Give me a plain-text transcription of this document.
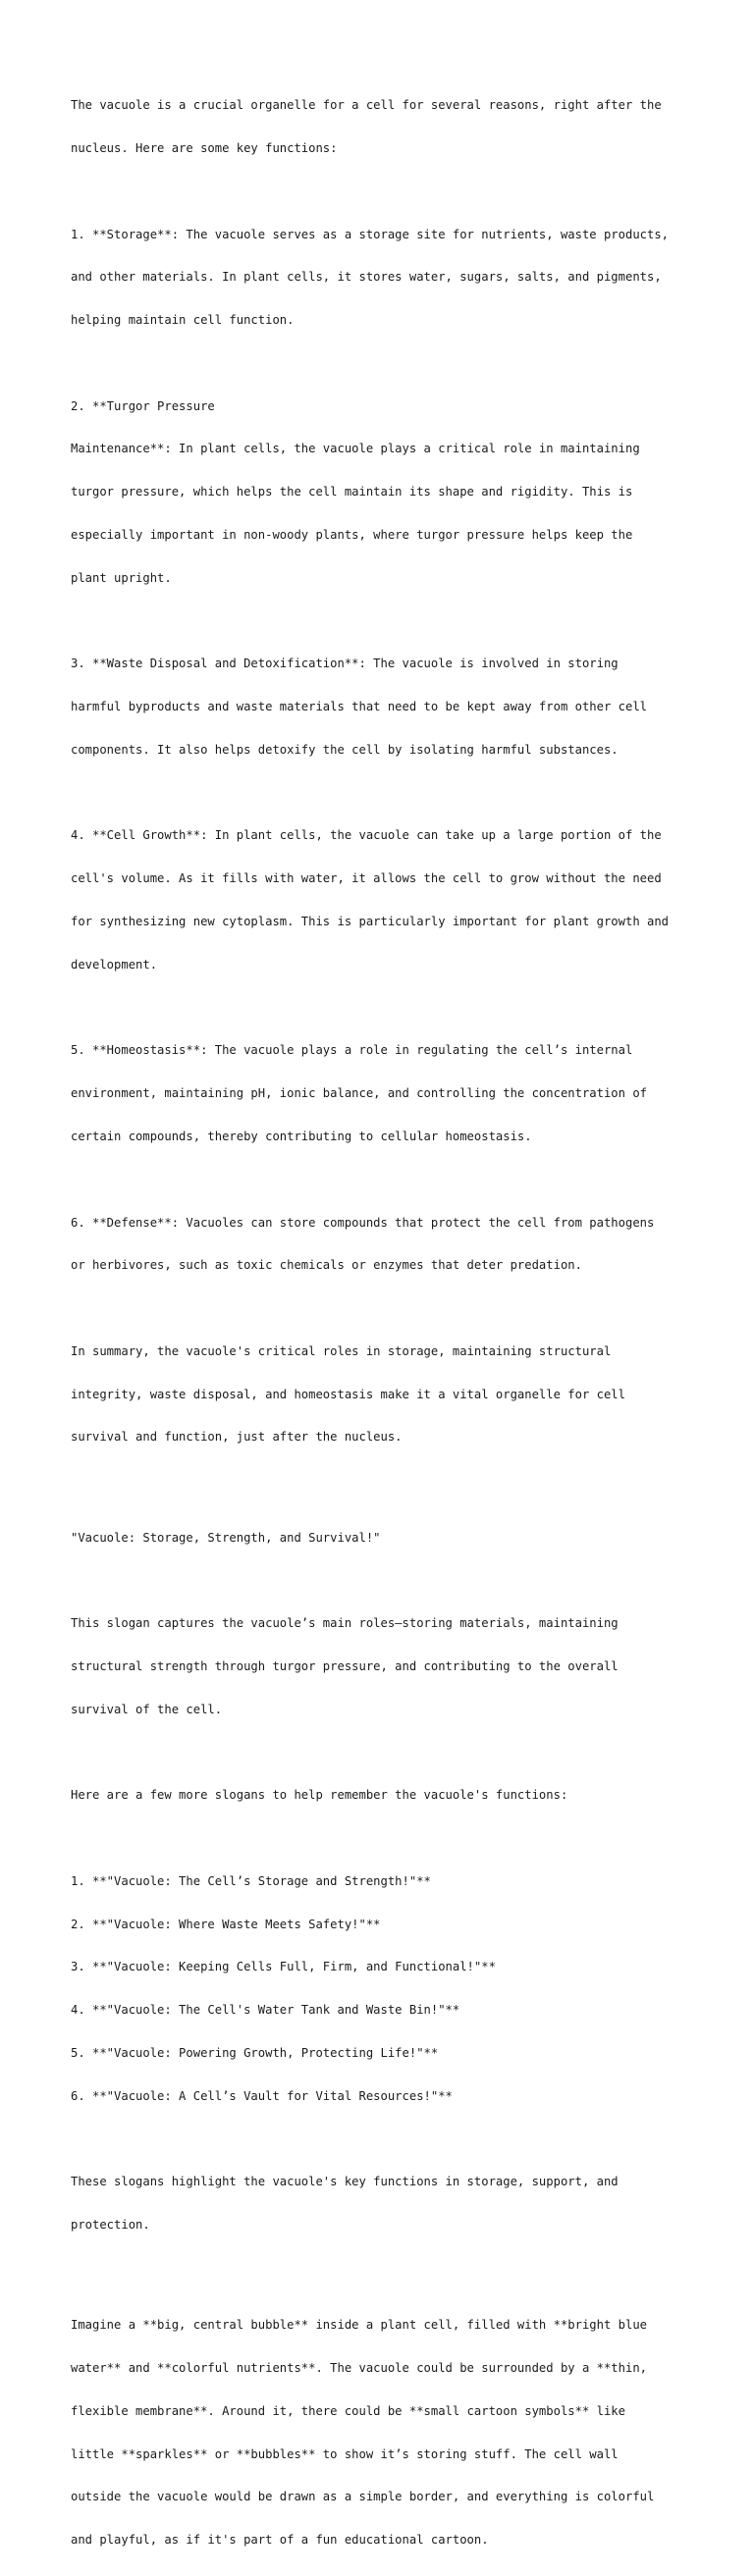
The vacuole is a crucial organelle for a cell for several reasons, right after the

nucleus. Here are some key functions:

1. **Storage**: The vacuole serves as a storage site for nutrients, waste products,

and other materials. In plant cells, it stores water, sugars, salts, and pigments,

helping maintain cell function.

2. **Turgor Pressure

Maintenance**: In plant cells, the vacuole plays a critical role in maintaining

turgor pressure, which helps the cell maintain its shape and rigidity. This is

especially important in non-woody plants, where turgor pressure helps keep the

plant upright.

3. **Waste Disposal and Detoxification**: The vacuole is involved in storing

harmful byproducts and waste materials that need to be kept away from other cell

components. It also helps detoxify the cell by isolating harmful substances.

4. **Cell Growth**: In plant cells, the vacuole can take up a large portion of the

cell's volume. As it fills with water, it allows the cell to grow without the need

for synthesizing new cytoplasm. This is particularly important for plant growth and

development.

5. **Homeostasis**: The vacuole plays a role in regulating the cell’s internal

environment, maintaining pH, ionic balance, and controlling the concentration of

certain compounds, thereby contributing to cellular homeostasis.

6. **Defense**: Vacuoles can store compounds that protect the cell from pathogens

or herbivores, such as toxic chemicals or enzymes that deter predation.

In summary, the vacuole's critical roles in storage, maintaining structural

integrity, waste disposal, and homeostasis make it a vital organelle for cell

survival and function, just after the nucleus.

"Vacuole: Storage, Strength, and Survival!"

This slogan captures the vacuole’s main roles—storing materials, maintaining

structural strength through turgor pressure, and contributing to the overall

survival of the cell.

Here are a few more slogans to help remember the vacuole's functions:

1. **"Vacuole: The Cell’s Storage and Strength!"**

2. **"Vacuole: Where Waste Meets Safety!"**

3. **"Vacuole: Keeping Cells Full, Firm, and Functional!"**

4. **"Vacuole: The Cell's Water Tank and Waste Bin!"**

5. **"Vacuole: Powering Growth, Protecting Life!"**

6. **"Vacuole: A Cell’s Vault for Vital Resources!"**

These slogans highlight the vacuole's key functions in storage, support, and

protection.

Imagine a **big, central bubble** inside a plant cell, filled with **bright blue

water** and **colorful nutrients**. The vacuole could be surrounded by a **thin,

flexible membrane**. Around it, there could be **small cartoon symbols** like

little **sparkles** or **bubbles** to show it’s storing stuff. The cell wall

outside the vacuole would be drawn as a simple border, and everything is colorful

and playful, as if it's part of a fun educational cartoon.
